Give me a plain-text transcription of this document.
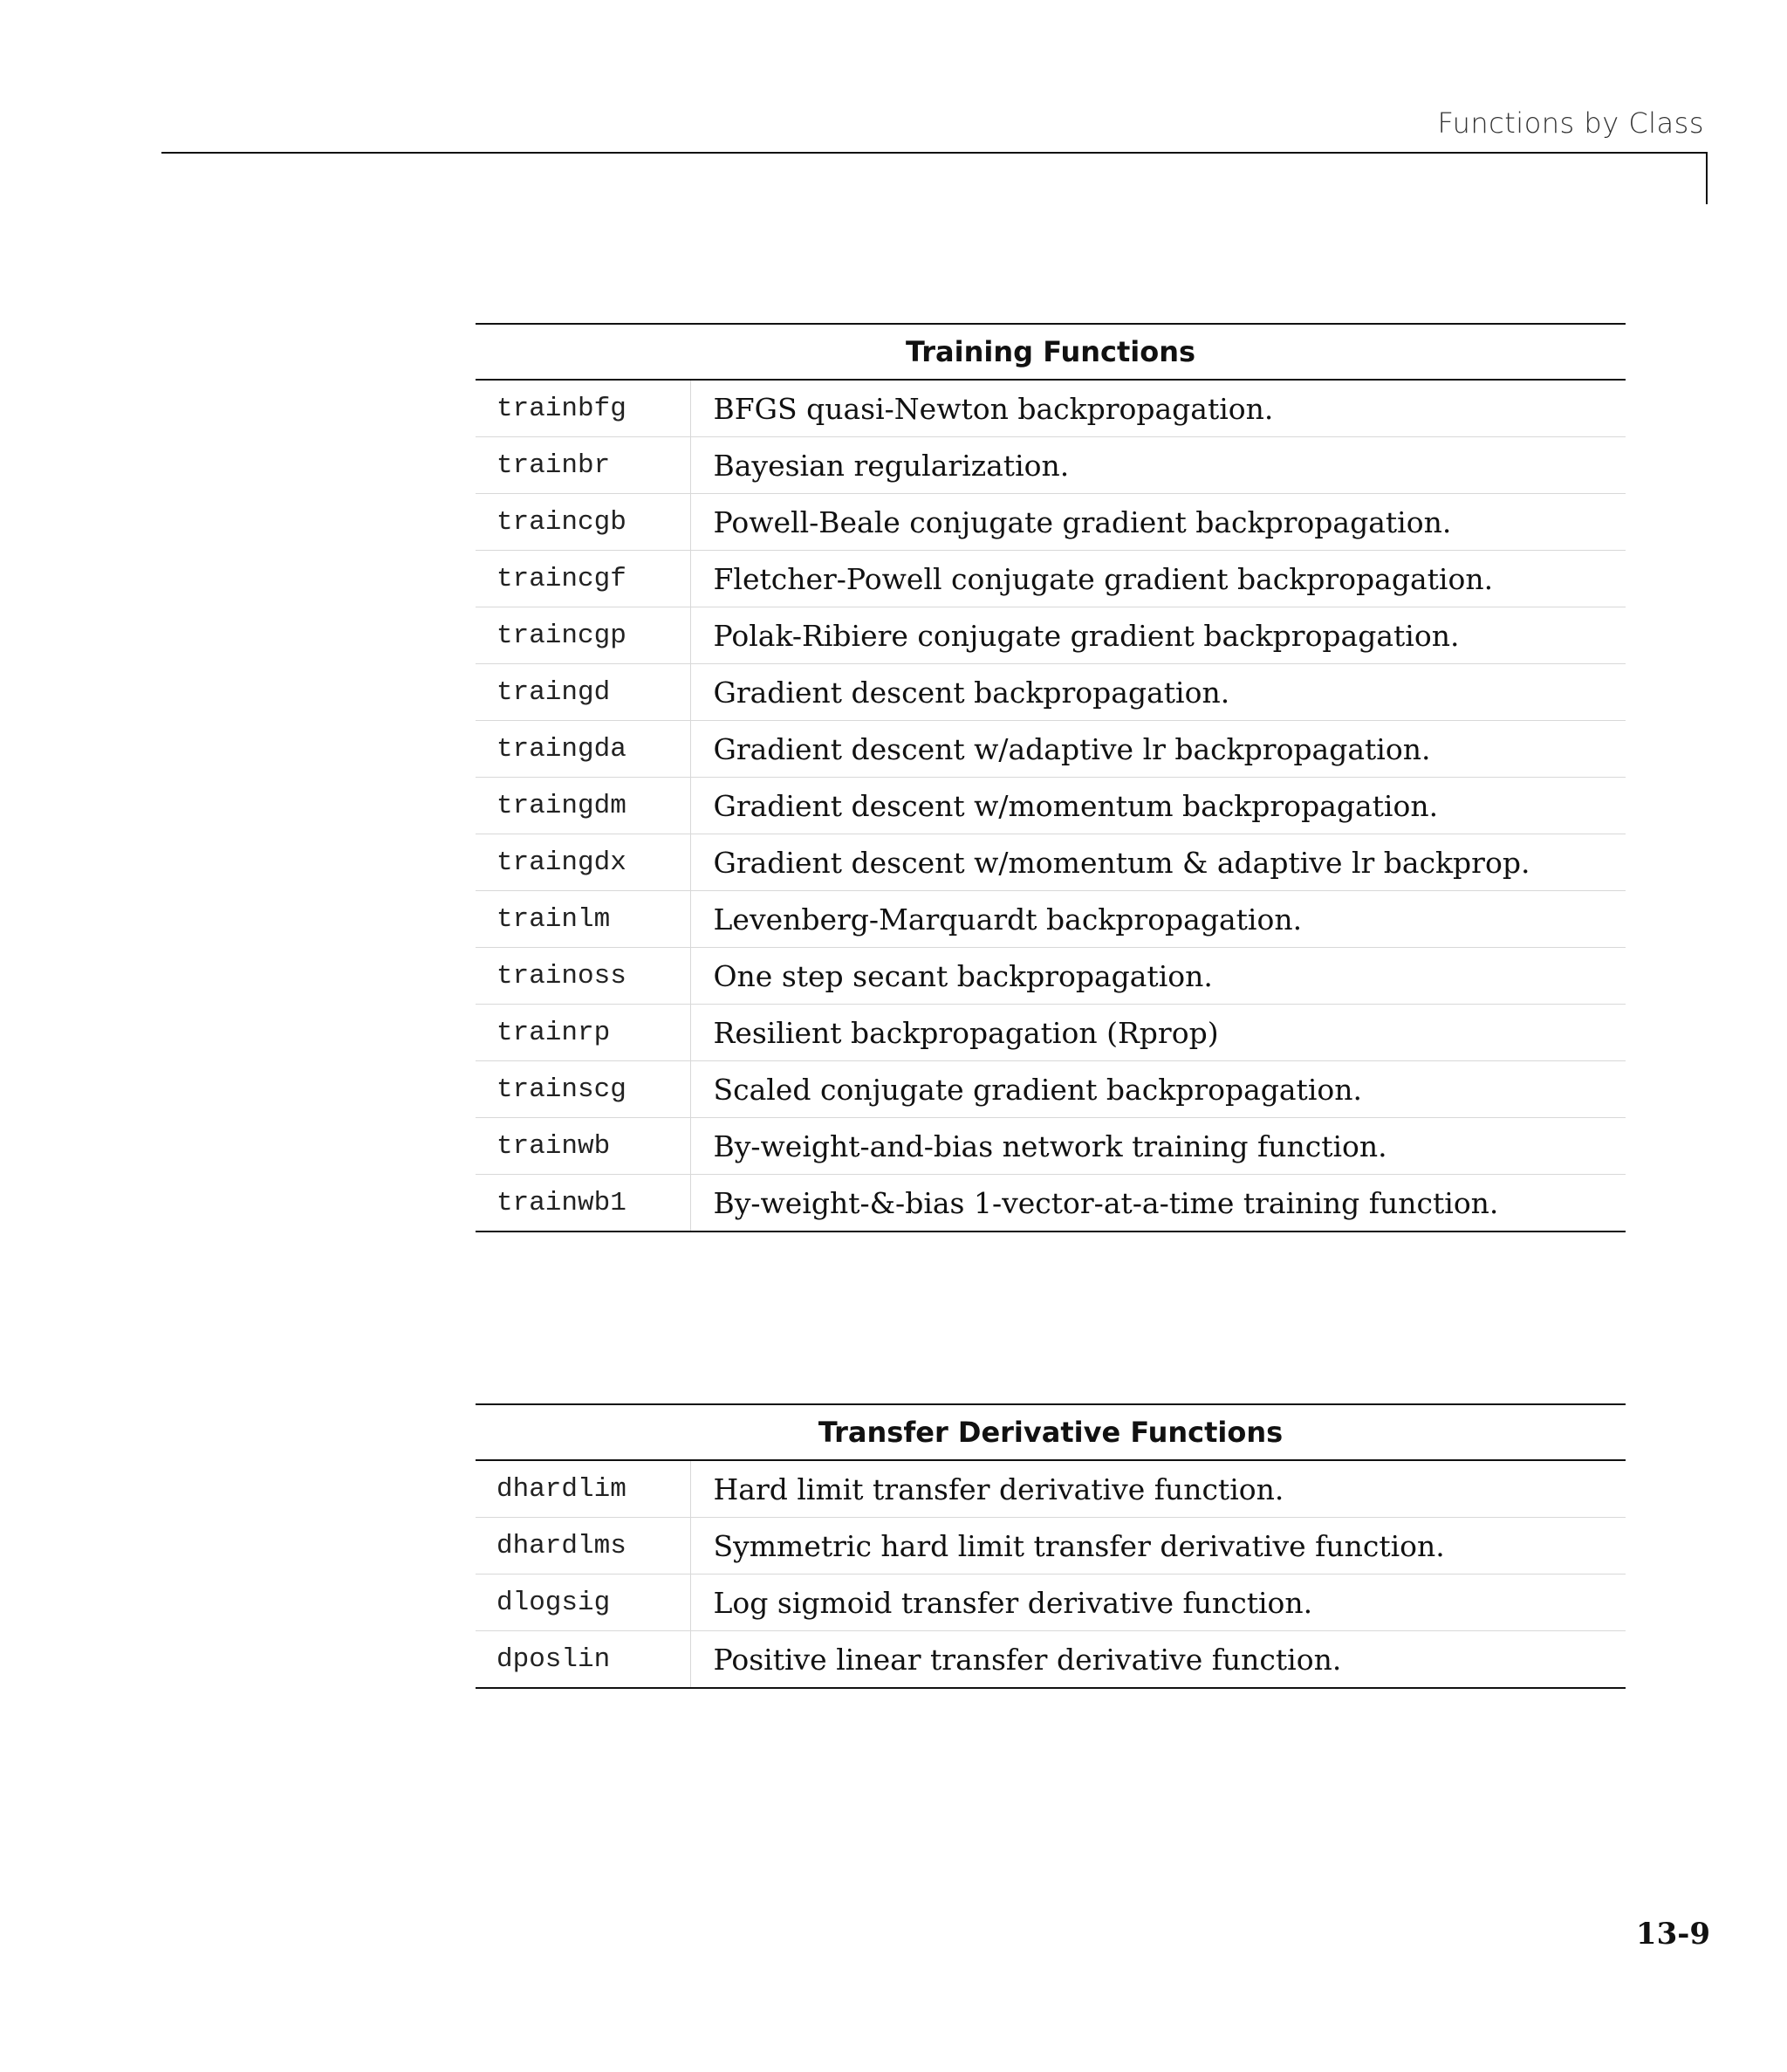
Functions by Class
Training Functions	
trainbfg	BFGS quasi-Newton backpropagation.
trainbr	Bayesian regularization.
traincgb	Powell-Beale conjugate gradient backpropagation.
traincgf	Fletcher-Powell conjugate gradient backpropagation.
traincgp	Polak-Ribiere conjugate gradient backpropagation.
traingd	Gradient descent backpropagation.
traingda	Gradient descent w/adaptive lr backpropagation.
traingdm	Gradient descent w/momentum backpropagation.
traingdx	Gradient descent w/momentum & adaptive lr backprop.
trainlm	Levenberg-Marquardt backpropagation.
trainoss	One step secant backpropagation.
trainrp	Resilient backpropagation (Rprop)
trainscg	Scaled conjugate gradient backpropagation.
trainwb	By-weight-and-bias network training function.
trainwb1	By-weight-&-bias 1-vector-at-a-time training function.
Transfer Derivative Functions	
dhardlim	Hard limit transfer derivative function.
dhardlms	Symmetric hard limit transfer derivative function.
dlogsig	Log sigmoid transfer derivative function.
dposlin	Positive linear transfer derivative function.
13-9
